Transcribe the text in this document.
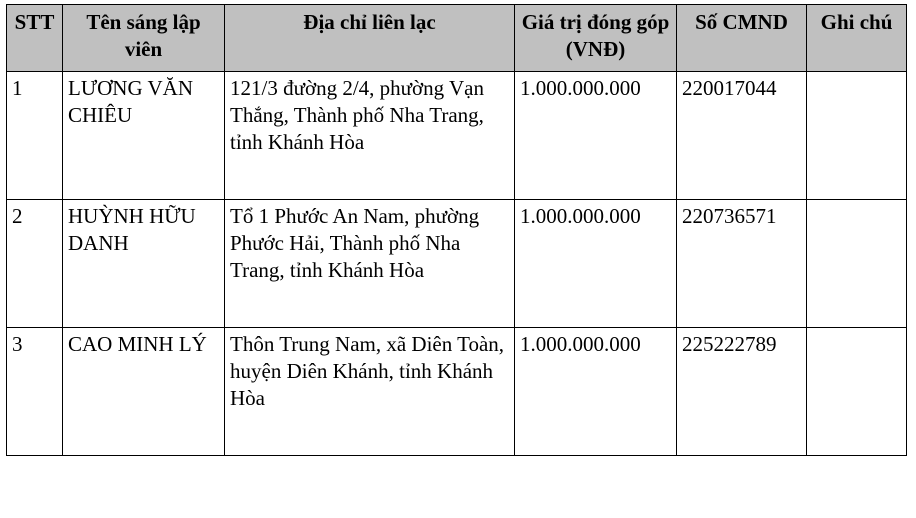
STT	Tên sáng lập viên	Địa chỉ liên lạc	Giá trị đóng góp (VNĐ)	Số CMND	Ghi chú
1	LƯƠNG VĂN CHIÊU	121/3 đường 2/4, phường Vạn Thắng, Thành phố Nha Trang, tỉnh Khánh Hòa	1.000.000.000	220017044	
2	HUỲNH HỮU DANH	Tổ 1 Phước An Nam, phường Phước Hải, Thành phố Nha Trang, tỉnh Khánh Hòa	1.000.000.000	220736571	
3	CAO MINH LÝ	Thôn Trung Nam, xã Diên Toàn, huyện Diên Khánh, tỉnh Khánh Hòa	1.000.000.000	225222789	
